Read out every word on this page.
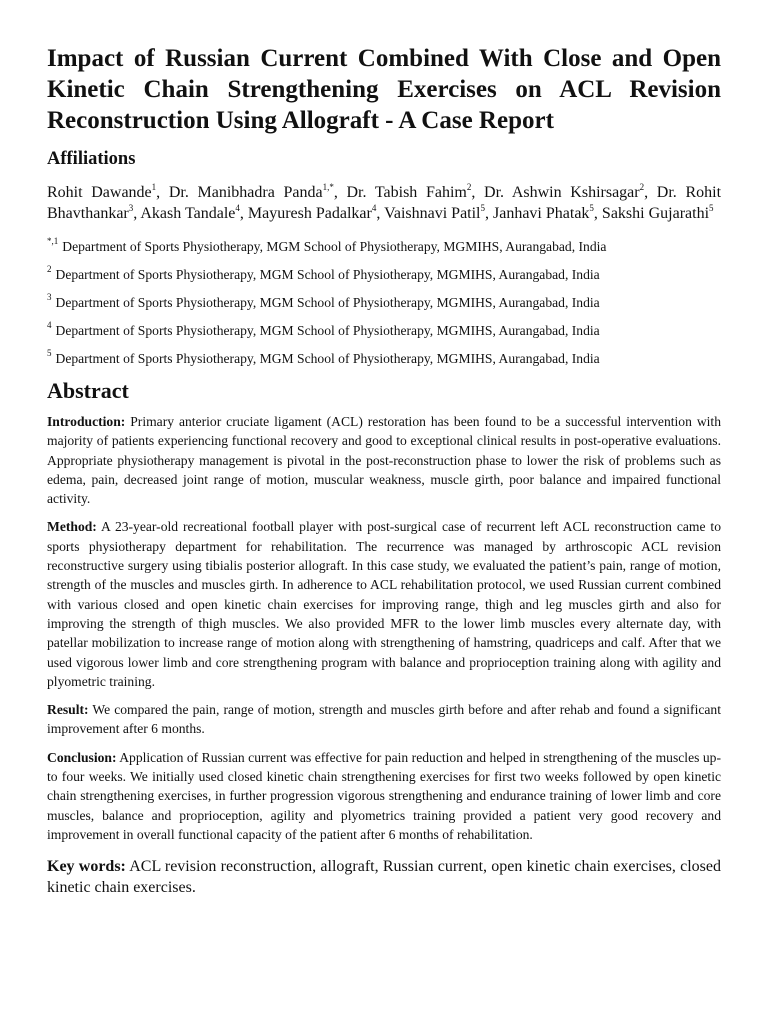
Impact of Russian Current Combined With Close and Open Kinetic Chain Strengthening Exercises on ACL Revision Reconstruction Using Allograft - A Case Report
Affiliations

Rohit Dawande$^1$, Dr. Manibhadra Panda$^{1,*}$, Dr. Tabish Fahim$^2$, Dr. Ashwin Kshirsagar$^2$, Dr. Rohit Bhavthankar$^3$, Akash Tandale$^4$, Mayuresh Padalkar$^4$, Vaishnavi Patil$^5$, Janhavi Phatak$^5$, Sakshi Gujarathi$^5$

$^{*,1}$ Department of Sports Physiotherapy, MGM School of Physiotherapy, MGMIHS, Aurangabad, India
$^2$ Department of Sports Physiotherapy, MGM School of Physiotherapy, MGMIHS, Aurangabad, India
$^3$ Department of Sports Physiotherapy, MGM School of Physiotherapy, MGMIHS, Aurangabad, India
$^4$ Department of Sports Physiotherapy, MGM School of Physiotherapy, MGMIHS, Aurangabad, India
$^5$ Department of Sports Physiotherapy, MGM School of Physiotherapy, MGMIHS, Aurangabad, India
Abstract

Introduction: Primary anterior cruciate ligament (ACL) restoration has been found to be a successful intervention with majority of patients experiencing functional recovery and good to exceptional clinical results in post-operative evaluations. Appropriate physiotherapy management is pivotal in the post-reconstruction phase to lower the risk of problems such as edema, pain, decreased joint range of motion, muscular weakness, muscle girth, poor balance and impaired functional activity.

Method: A 23-year-old recreational football player with post-surgical case of recurrent left ACL reconstruction came to sports physiotherapy department for rehabilitation. The recurrence was managed by arthroscopic ACL revision reconstructive surgery using tibialis posterior allograft. In this case study, we evaluated the patient’s pain, range of motion, strength of the muscles and muscles girth. In adherence to ACL rehabilitation protocol, we used Russian current combined with various closed and open kinetic chain exercises for improving range, thigh and leg muscles girth and also for improving the strength of thigh muscles. We also provided MFR to the lower limb muscles every alternate day, with patellar mobilization to increase range of motion along with strengthening of hamstring, quadriceps and calf. After that we used vigorous lower limb and core strengthening program with balance and proprioception training along with agility and plyometric training.

Result: We compared the pain, range of motion, strength and muscles girth before and after rehab and found a significant improvement after 6 months.

Conclusion: Application of Russian current was effective for pain reduction and helped in strengthening of the muscles up-to four weeks. We initially used closed kinetic chain strengthening exercises for first two weeks followed by open kinetic chain strengthening exercises, in further progression vigorous strengthening and endurance training of lower limb and core muscles, balance and proprioception, agility and plyometrics training provided a patient very good recovery and improvement in overall functional capacity of the patient after 6 months of rehabilitation.

Key words: ACL revision reconstruction, allograft, Russian current, open kinetic chain exercises, closed kinetic chain exercises.
